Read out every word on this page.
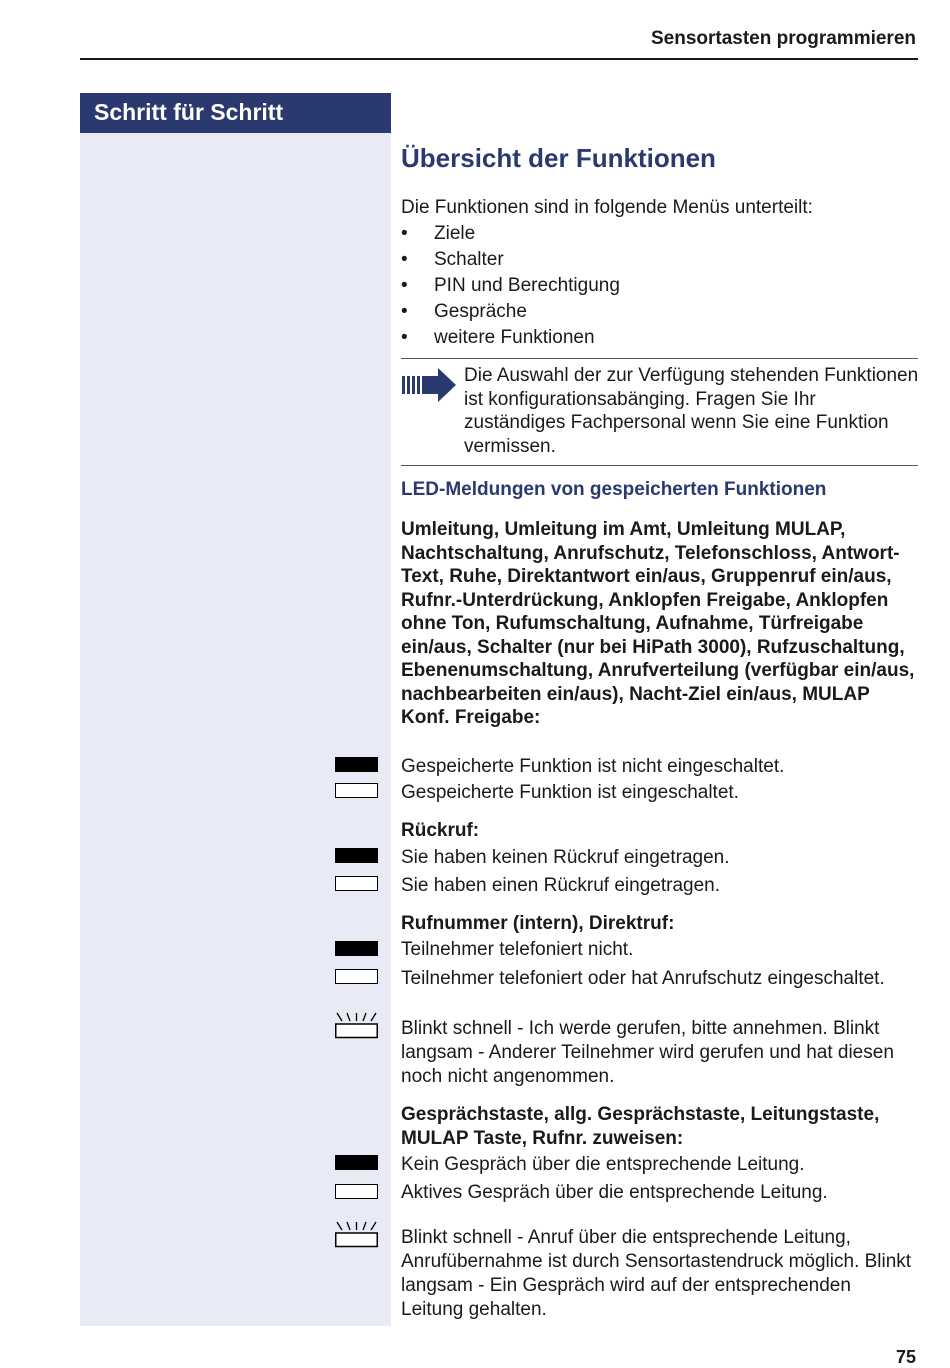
Sensortasten programmieren
Schritt für Schritt
Übersicht der Funktionen
Die Funktionen sind in folgende Menüs unterteilt:
• Ziele
• Schalter
• PIN und Berechtigung
• Gespräche
• weitere Funktionen
Die Auswahl der zur Verfügung stehenden Funktionen ist konfigurationsabänging. Fragen Sie Ihr zuständiges Fachpersonal wenn Sie eine Funktion vermissen.
LED-Meldungen von gespeicherten Funktionen
Umleitung, Umleitung im Amt, Umleitung MULAP, Nachtschaltung, Anrufschutz, Telefonschloss, Antwort-Text, Ruhe, Direktantwort ein/aus, Gruppenruf ein/aus, Rufnr.-Unterdrückung, Anklopfen Freigabe, Anklopfen ohne Ton, Rufumschaltung, Aufnahme, Türfreigabe ein/aus, Schalter (nur bei HiPath 3000), Rufzuschaltung, Ebenenumschaltung, Anrufverteilung (verfügbar ein/aus, nachbearbeiten ein/aus), Nacht-Ziel ein/aus, MULAP Konf. Freigabe:
Gespeicherte Funktion ist nicht eingeschaltet.
Gespeicherte Funktion ist eingeschaltet.
Rückruf:
Sie haben keinen Rückruf eingetragen.
Sie haben einen Rückruf eingetragen.
Rufnummer (intern), Direktruf:
Teilnehmer telefoniert nicht.
Teilnehmer telefoniert oder hat Anrufschutz eingeschaltet.
Blinkt schnell - Ich werde gerufen, bitte annehmen. Blinkt langsam - Anderer Teilnehmer wird gerufen und hat diesen noch nicht angenommen.
Gesprächstaste, allg. Gesprächstaste, Leitungstaste, MULAP Taste, Rufnr. zuweisen:
Kein Gespräch über die entsprechende Leitung.
Aktives Gespräch über die entsprechende Leitung.
Blinkt schnell - Anruf über die entsprechende Leitung, Anrufübernahme ist durch Sensortastendruck möglich. Blinkt langsam - Ein Gespräch wird auf der entsprechenden Leitung gehalten.
75
